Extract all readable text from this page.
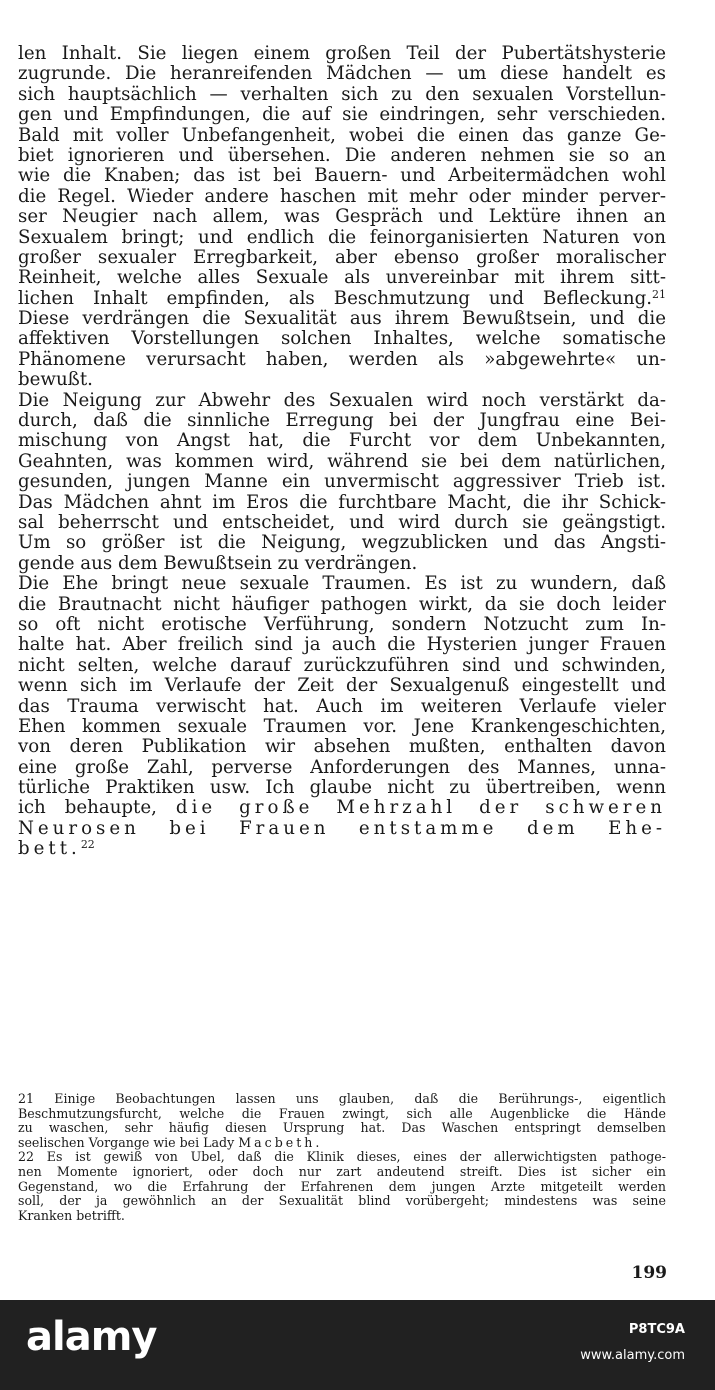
len Inhalt. Sie liegen einem großen Teil der Pubertätshysterie
zugrunde. Die heranreifenden Mädchen — um diese handelt es
sich hauptsächlich — verhalten sich zu den sexualen Vorstellun-
gen und Empfindungen, die auf sie eindringen, sehr verschieden.
Bald mit voller Unbefangenheit, wobei die einen das ganze Ge-
biet ignorieren und übersehen. Die anderen nehmen sie so an
wie die Knaben; das ist bei Bauern- und Arbeitermädchen wohl
die Regel. Wieder andere haschen mit mehr oder minder perver-
ser Neugier nach allem, was Gespräch und Lektüre ihnen an
Sexualem bringt; und endlich die feinorganisierten Naturen von
großer sexualer Erregbarkeit, aber ebenso großer moralischer
Reinheit, welche alles Sexuale als unvereinbar mit ihrem sitt-
lichen Inhalt empfinden, als Beschmutzung und Befleckung.$^{21}$
Diese verdrängen die Sexualität aus ihrem Bewußtsein, und die
affektiven Vorstellungen solchen Inhaltes, welche somatische
Phänomene verursacht haben, werden als »abgewehrte« un-
bewußt.
Die Neigung zur Abwehr des Sexualen wird noch verstärkt da-
durch, daß die sinnliche Erregung bei der Jungfrau eine Bei-
mischung von Angst hat, die Furcht vor dem Unbekannten,
Geahnten, was kommen wird, während sie bei dem natürlichen,
gesunden, jungen Manne ein unvermischt aggressiver Trieb ist.
Das Mädchen ahnt im Eros die furchtbare Macht, die ihr Schick-
sal beherrscht und entscheidet, und wird durch sie geängstigt.
Um so größer ist die Neigung, wegzublicken und das Ängsti-
gende aus dem Bewußtsein zu verdrängen.
Die Ehe bringt neue sexuale Traumen. Es ist zu wundern, daß
die Brautnacht nicht häufiger pathogen wirkt, da sie doch leider
so oft nicht erotische Verführung, sondern Notzucht zum In-
halte hat. Aber freilich sind ja auch die Hysterien junger Frauen
nicht selten, welche darauf zurückzuführen sind und schwinden,
wenn sich im Verlaufe der Zeit der Sexualgenuß eingestellt und
das Trauma verwischt hat. Auch im weiteren Verlaufe vieler
Ehen kommen sexuale Traumen vor. Jene Krankengeschichten,
von deren Publikation wir absehen mußten, enthalten davon
eine große Zahl, perverse Anforderungen des Mannes, unna-
türliche Praktiken usw. Ich glaube nicht zu übertreiben, wenn
ich behaupte, die große Mehrzahl der schweren
Neurosen bei Frauen entstamme dem Ehe-
bett.$^{22}$
21 Einige Beobachtungen lassen uns glauben, daß die Berührungs-, eigentlich
Beschmutzungsfurcht, welche die Frauen zwingt, sich alle Augenblicke die Hände
zu waschen, sehr häufig diesen Ursprung hat. Das Waschen entspringt demselben
seelischen Vorgange wie bei Lady Macbeth.
22 Es ist gewiß von Übel, daß die Klinik dieses, eines der allerwichtigsten pathoge-
nen Momente ignoriert, oder doch nur zart andeutend streift. Dies ist sicher ein
Gegenstand, wo die Erfahrung der Erfahrenen dem jungen Arzte mitgeteilt werden
soll, der ja gewöhnlich an der Sexualität blind vorübergeht; mindestens was seine
Kranken betrifft.
199
alamy	P8TC9A
www.alamy.com
